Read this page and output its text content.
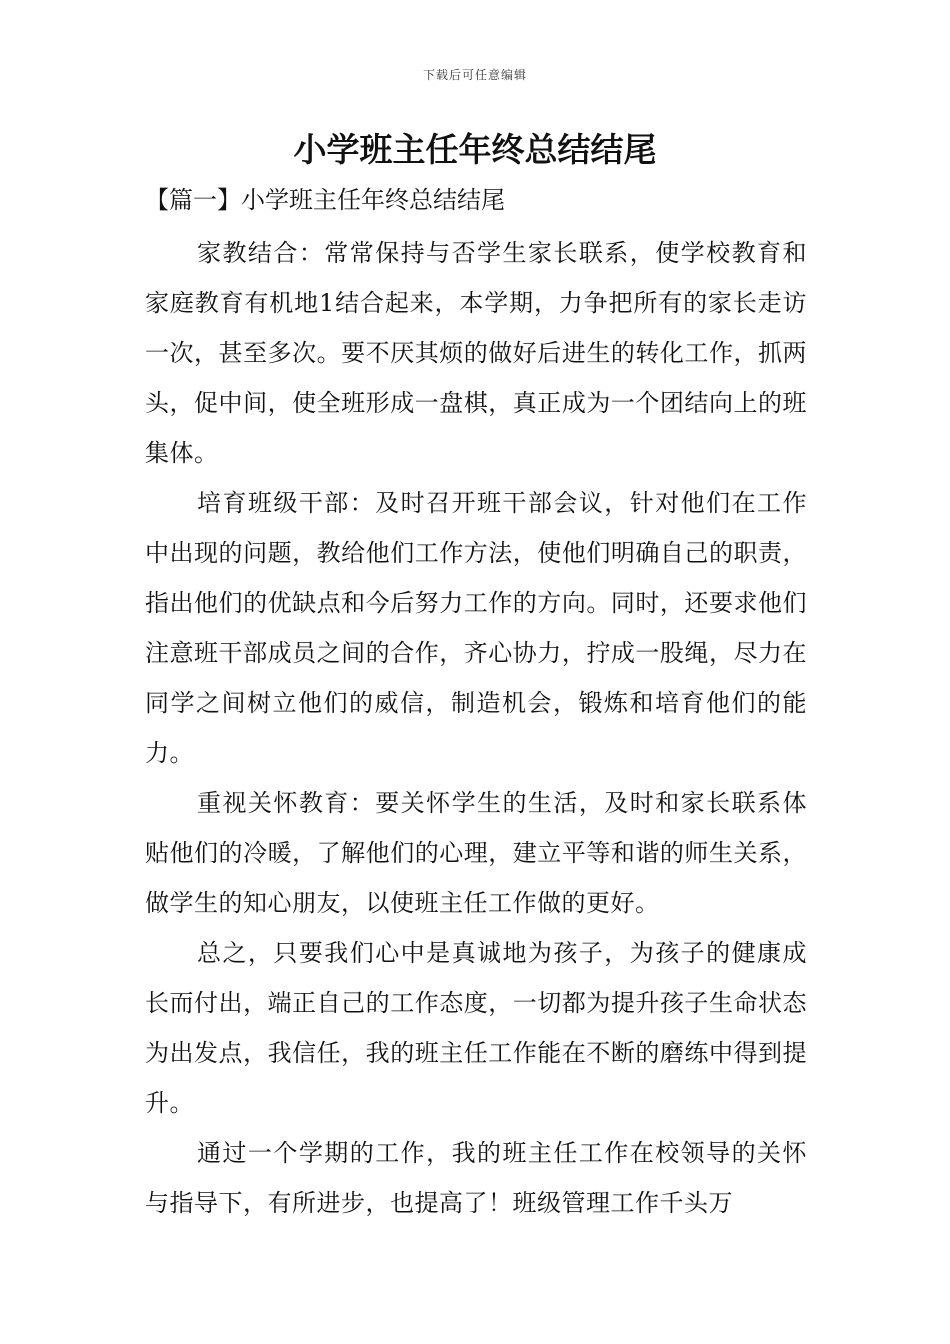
下载后可任意编辑
小学班主任年终总结结尾
【篇一】小学班主任年终总结结尾

家教结合：常常保持与否学生家长联系，使学校教育和家庭教育有机地1结合起来，本学期，力争把所有的家长走访一次，甚至多次。要不厌其烦的做好后进生的转化工作，抓两头，促中间，使全班形成一盘棋，真正成为一个团结向上的班集体。

培育班级干部：及时召开班干部会议，针对他们在工作中出现的问题，教给他们工作方法，使他们明确自己的职责，指出他们的优缺点和今后努力工作的方向。同时，还要求他们注意班干部成员之间的合作，齐心协力，拧成一股绳，尽力在同学之间树立他们的威信，制造机会，锻炼和培育他们的能力。

重视关怀教育：要关怀学生的生活，及时和家长联系体贴他们的冷暖，了解他们的心理，建立平等和谐的师生关系，做学生的知心朋友，以使班主任工作做的更好。

总之，只要我们心中是真诚地为孩子，为孩子的健康成长而付出，端正自己的工作态度，一切都为提升孩子生命状态为出发点，我信任，我的班主任工作能在不断的磨练中得到提升。

通过一个学期的工作，我的班主任工作在校领导的关怀与指导下，有所进步，也提高了！班级管理工作千头万
